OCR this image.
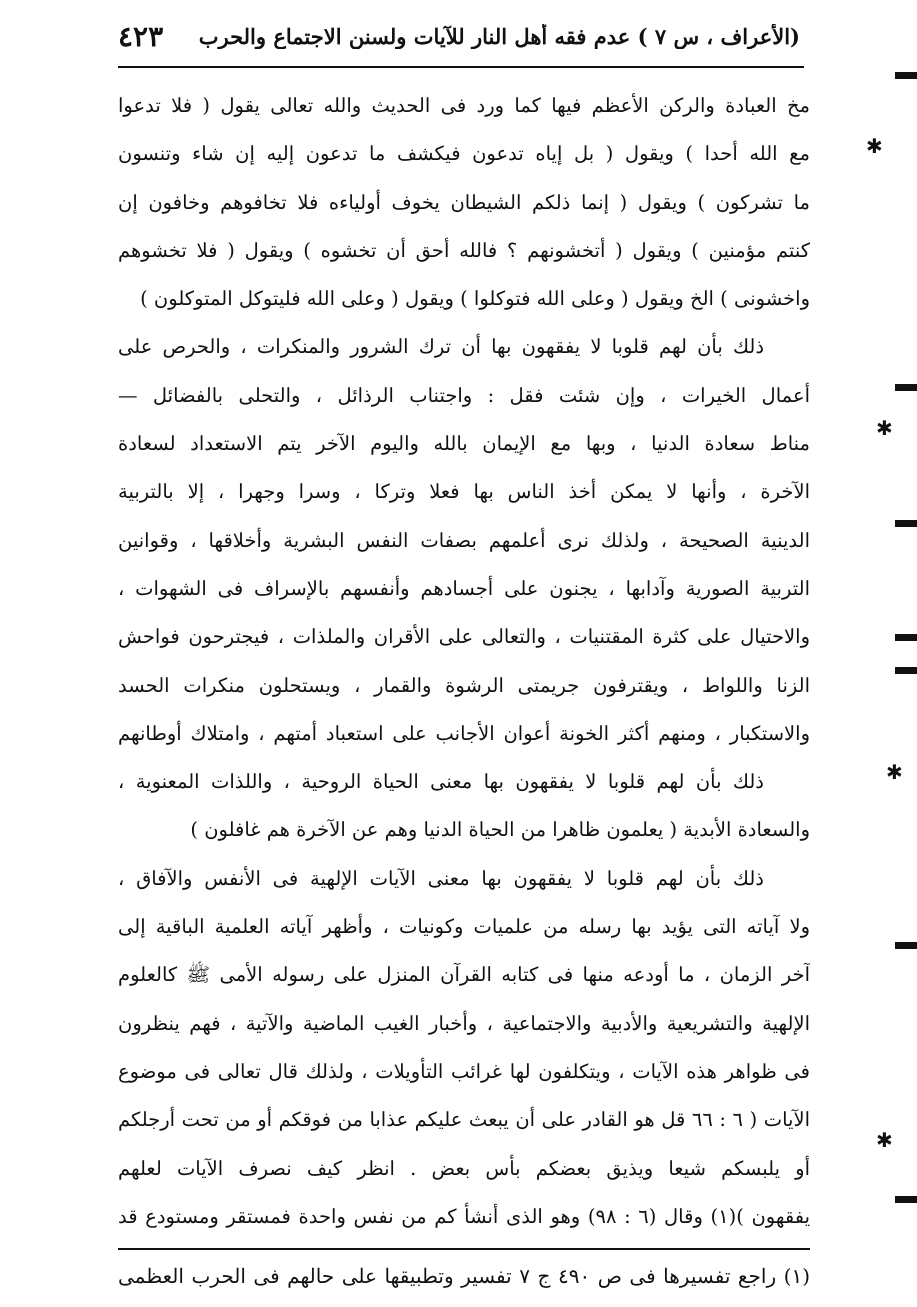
(الأعراف ، س ٧ ) عدم فقه أهل النار للآيات ولسنن الاجتماع والحرب
٤٢٣
مخ العبادة والركن الأعظم فيها كما ورد فى الحديث والله تعالى يقول ( فلا تدعوا
مع الله أحدا ) ويقول ( بل إياه تدعون فيكشف ما تدعون إليه إن شاء وتنسون
ما تشركون ) ويقول ( إنما ذلكم الشيطان يخوف أولياءه فلا تخافوهم وخافون إن
كنتم مؤمنين ) ويقول ( أتخشونهم ؟ فالله أحق أن تخشوه ) ويقول ( فلا تخشوهم
واخشونى ) الخ ويقول ( وعلى الله فتوكلوا ) ويقول ( وعلى الله فليتوكل المتوكلون )
ذلك بأن لهم قلوبا لا يفقهون بها أن ترك الشرور والمنكرات ، والحرص على
أعمال الخيرات ، وإن شئت فقل : واجتناب الرذائل ، والتحلى بالفضائل —
مناط سعادة الدنيا ، وبها مع الإيمان بالله واليوم الآخر يتم الاستعداد لسعادة
الآخرة ، وأنها لا يمكن أخذ الناس بها فعلا وتركا ، وسرا وجهرا ، إلا بالتربية
الدينية الصحيحة ، ولذلك نرى أعلمهم بصفات النفس البشرية وأخلاقها ، وقوانين
التربية الصورية وآدابها ، يجنون على أجسادهم وأنفسهم بالإسراف فى الشهوات ،
والاحتيال على كثرة المقتنيات ، والتعالى على الأقران والملذات ، فيجترحون فواحش
الزنا واللواط ، ويقترفون جريمتى الرشوة والقمار ، ويستحلون منكرات الحسد
والاستكبار ، ومنهم أكثر الخونة أعوان الأجانب على استعباد أمتهم ، وامتلاك أوطانهم
ذلك بأن لهم قلوبا لا يفقهون بها معنى الحياة الروحية ، واللذات المعنوية ،
والسعادة الأبدية ( يعلمون ظاهرا من الحياة الدنيا وهم عن الآخرة هم غافلون )
ذلك بأن لهم قلوبا لا يفقهون بها معنى الآيات الإلهية فى الأنفس والآفاق ،
ولا آياته التى يؤيد بها رسله من علميات وكونيات ، وأظهر آياته العلمية الباقية إلى
آخر الزمان ، ما أودعه منها فى كتابه القرآن المنزل على رسوله الأمى ﷺ كالعلوم
الإلهية والتشريعية والأدبية والاجتماعية ، وأخبار الغيب الماضية والآتية ، فهم ينظرون
فى ظواهر هذه الآيات ، ويتكلفون لها غرائب التأويلات ، ولذلك قال تعالى فى موضوع
الآيات ( ٦ : ٦٦ قل هو القادر على أن يبعث عليكم عذابا من فوقكم أو من تحت أرجلكم
أو يلبسكم شيعا ويذيق بعضكم بأس بعض . انظر كيف نصرف الآيات لعلهم
يفقهون )(١) وقال (٦ : ٩٨) وهو الذى أنشأ كم من نفس واحدة فمستقر ومستودع قد
(١) راجع تفسيرها فى ص ٤٩٠ ج ٧ تفسير وتطبيقها على حالهم فى الحرب العظمى
✱
✱
✱
✱
